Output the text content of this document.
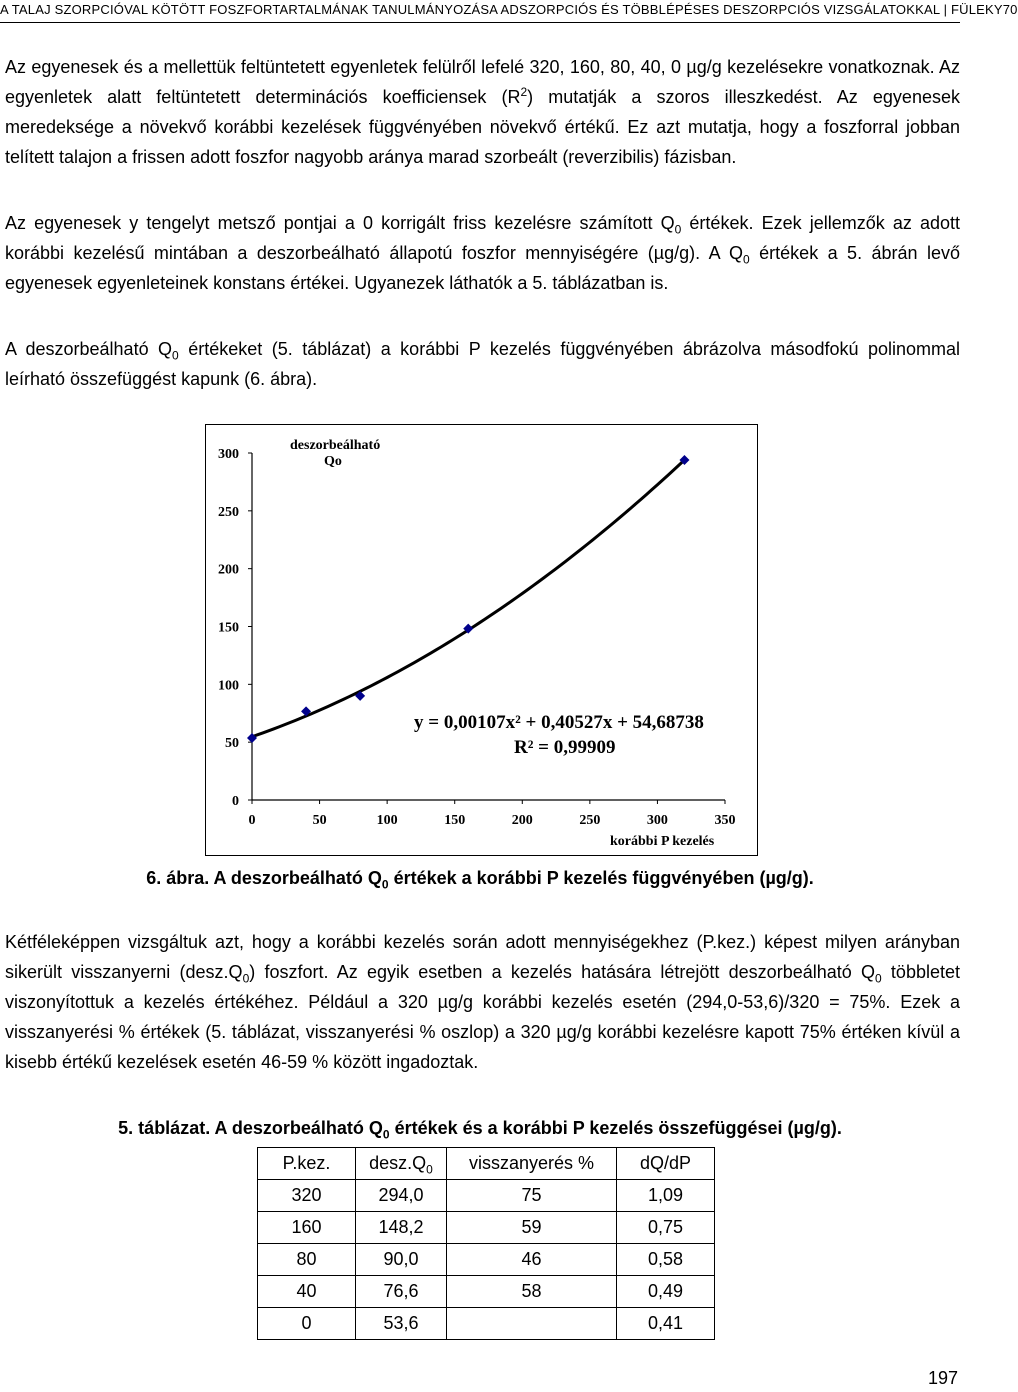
A TALAJ SZORPCIÓVAL KÖTÖTT FOSZFORTARTALMÁNAK TANULMÁNYOZÁSA ADSZORPCIÓS ÉS TÖBBLÉPÉSES DESZORPCIÓS VIZSGÁLATOKKAL | FÜLEKY70

Az egyenesek és a mellettük feltüntetett egyenletek felülről lefelé 320, 160, 80, 40, 0 µg/g kezelésekre vonatkoznak. Az egyenletek alatt feltüntetett determinációs koefficiensek $(R^2)$ mutatják a szoros illeszkedést. Az egyenesek meredeksége a növekvő korábbi kezelések függvényében növekvő értékű. Ez azt mutatja, hogy a foszforral jobban telített talajon a frissen adott foszfor nagyobb aránya marad szorbeált (reverzibilis) fázisban.

Az egyenesek y tengelyt metsző pontjai a 0 korrigált friss kezelésre számított $Q_0$ értékek. Ezek jellemzők az adott korábbi kezelésű mintában a deszorbeálható állapotú foszfor mennyiségére (µg/g). A $Q_0$ értékek a 5. ábrán levő egyenesek egyenleteinek konstans értékei. Ugyanezek láthatók a 5. táblázatban is.

A deszorbeálható $Q_0$ értékeket (5. táblázat) a korábbi P kezelés függvényében ábrázolva másodfokú polinommal leírható összefüggést kapunk (6. ábra).

0	50	100	150	200	250	300	350
0
50
100
150
200
250
300
deszorbeálható
Qo
y = 0,00107x² + 0,40527x + 54,68738
R² = 0,99909
korábbi P kezelés
6. ábra. A deszorbeálható $Q_0$ értékek a korábbi P kezelés függvényében (µg/g).

Kétféleképpen vizsgáltuk azt, hogy a korábbi kezelés során adott mennyiségekhez (P.kez.) képest milyen arányban sikerült visszanyerni $(desz.Q_0)$ foszfort. Az egyik esetben a kezelés hatására létrejött deszorbeálható $Q_0$ többletet viszonyítottuk a kezelés értékéhez. Például a 320 µg/g korábbi kezelés esetén (294,0-53,6)/320 = 75%. Ezek a visszanyerési % értékek (5. táblázat, visszanyerési % oszlop) a 320 µg/g korábbi kezelésre kapott 75% értéken kívül a kisebb értékű kezelések esetén 46-59 % között ingadoztak.

5. táblázat. A deszorbeálható $Q_0$ értékek és a korábbi P kezelés összefüggései (µg/g).
P.kez.	$desz.Q_0$	visszanyerés %	dQ/dP
320	294,0	75	1,09
160	148,2	59	0,75
80	90,0	46	0,58
40	76,6	58	0,49
0	53,6		0,41
197
